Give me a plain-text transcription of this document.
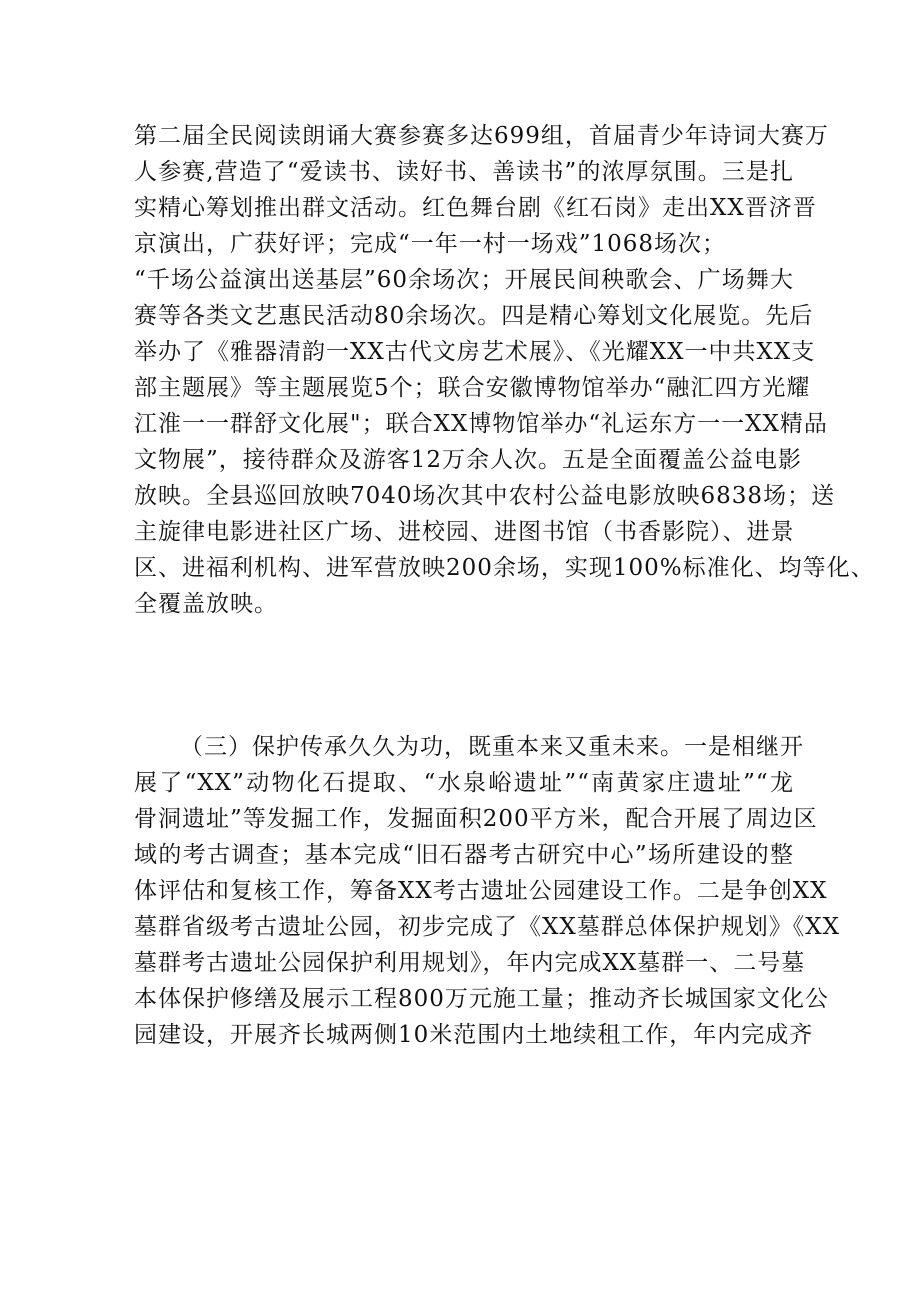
第二届全民阅读朗诵大赛参赛多达699组，首届青少年诗词大赛万
人参赛,营造了“爱读书、读好书、善读书”的浓厚氛围。三是扎
实精心筹划推出群文活动。红色舞台剧《红石岗》走出XX晋济晋
京演出，广获好评；完成“一年一村一场戏”1068场次；
“千场公益演出送基层”60余场次；开展民间秧歌会、广场舞大
赛等各类文艺惠民活动80余场次。四是精心筹划文化展览。先后
举办了《雅器清韵一XX古代文房艺术展》、《光耀XX一中共XX支
部主题展》等主题展览5个；联合安徽博物馆举办“融汇四方光耀
江淮一一群舒文化展"；联合XX博物馆举办“礼运东方一一XX精品
文物展”，接待群众及游客12万余人次。五是全面覆盖公益电影
放映。全县巡回放映7040场次其中农村公益电影放映6838场；送
主旋律电影进社区广场、进校园、进图书馆（书香影院）、进景
区、进福利机构、进军营放映200余场，实现100%标准化、均等化、
全覆盖放映。
（三）保护传承久久为功，既重本来又重未来。一是相继开
展了“XX”动物化石提取、“水泉峪遗址”“南黄家庄遗址”“龙
骨洞遗址”等发掘工作，发掘面积200平方米，配合开展了周边区
域的考古调查；基本完成“旧石器考古研究中心”场所建设的整
体评估和复核工作，筹备XX考古遗址公园建设工作。二是争创XX
墓群省级考古遗址公园，初步完成了《XX墓群总体保护规划》《XX
墓群考古遗址公园保护利用规划》，年内完成XX墓群一、二号墓
本体保护修缮及展示工程800万元施工量；推动齐长城国家文化公
园建设，开展齐长城两侧10米范围内土地续租工作，年内完成齐
